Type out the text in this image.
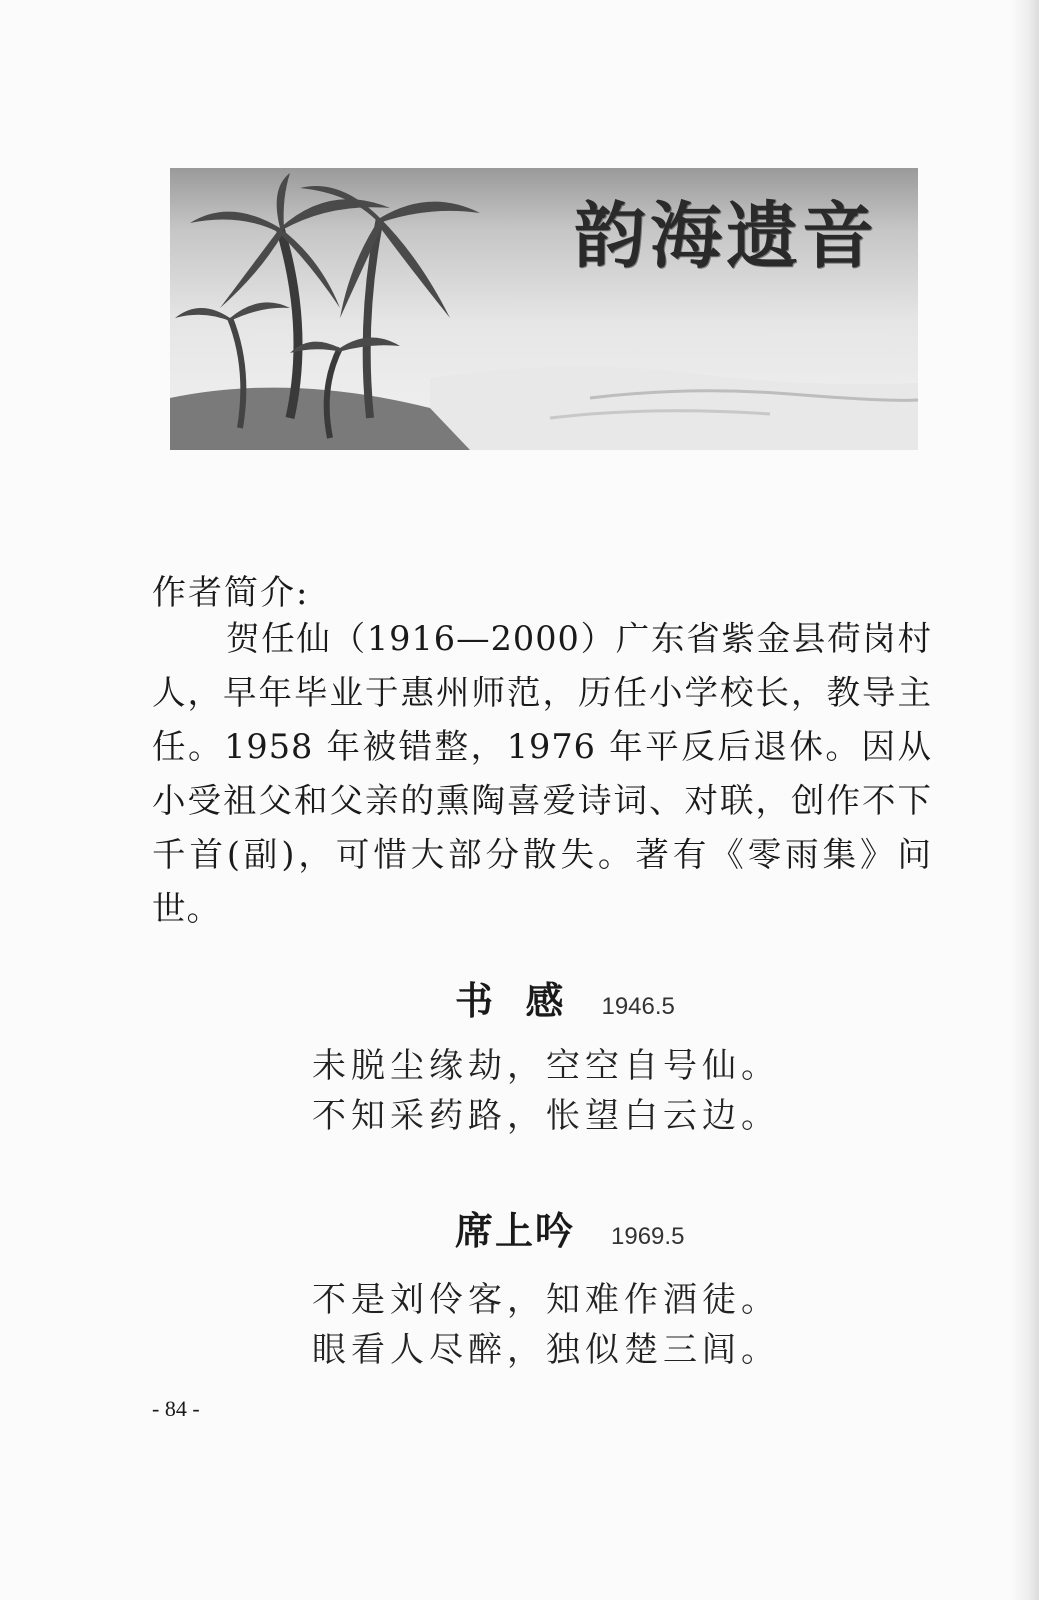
韵海遗音
作者简介:
贺任仙（1916—2000）广东省紫金县荷岗村人，早年毕业于惠州师范，历任小学校长，教导主任。1958 年被错整，1976 年平反后退休。因从小受祖父和父亲的熏陶喜爱诗词、对联，创作不下千首(副)，可惜大部分散失。著有《零雨集》问世。
书  感 1946.5
未脱尘缘劫，空空自号仙。
不知采药路，怅望白云边。
席上吟 1969.5
不是刘伶客，知难作酒徒。
眼看人尽醉，独似楚三闾。
- 84 -
